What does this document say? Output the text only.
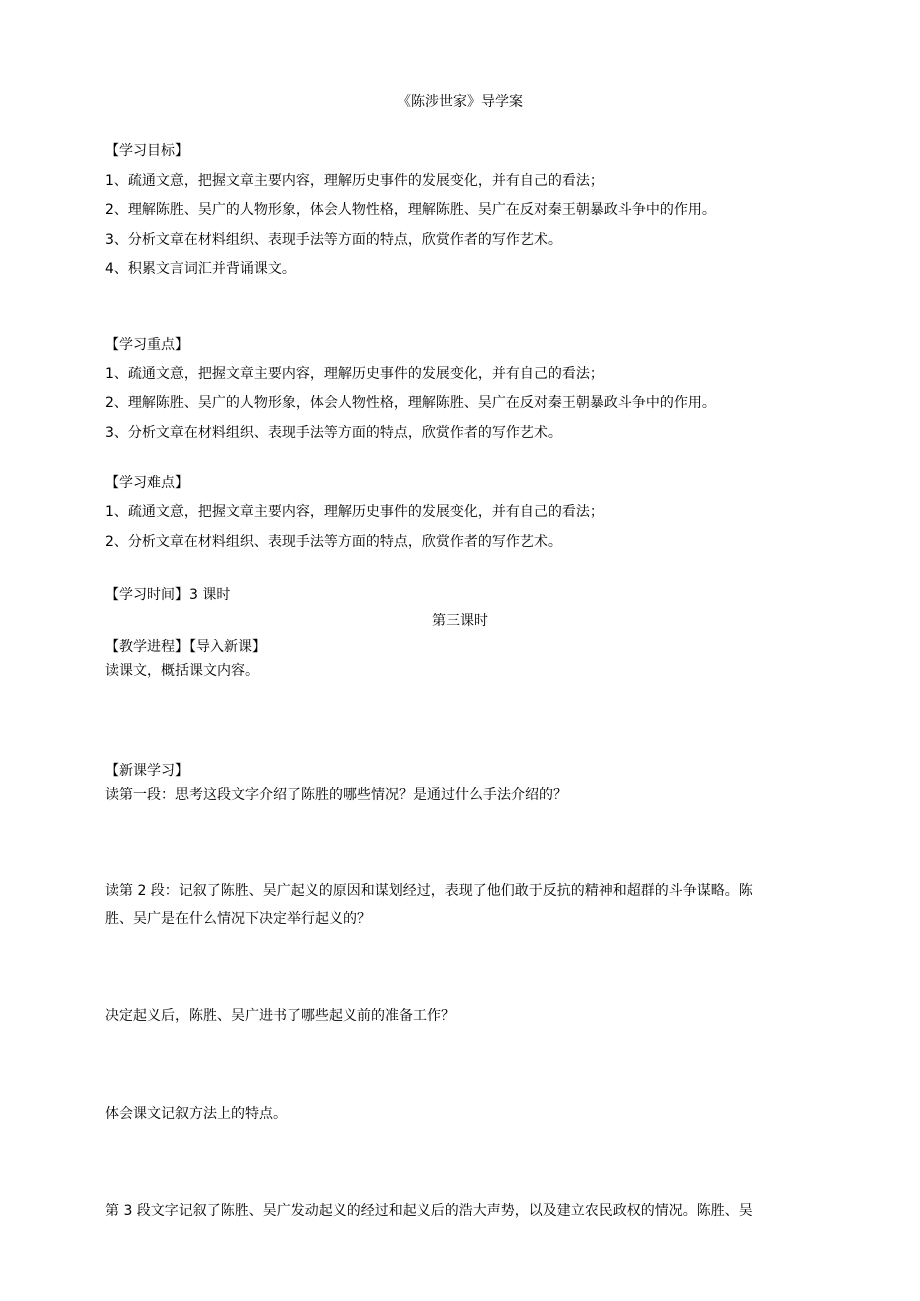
《陈涉世家》导学案
【学习目标】
1、疏通文意，把握文章主要内容，理解历史事件的发展变化，并有自己的看法；
2、理解陈胜、吴广的人物形象，体会人物性格，理解陈胜、吴广在反对秦王朝暴政斗争中的作用。
3、分析文章在材料组织、表现手法等方面的特点，欣赏作者的写作艺术。
4、积累文言词汇并背诵课文。
【学习重点】
1、疏通文意，把握文章主要内容，理解历史事件的发展变化，并有自己的看法；
2、理解陈胜、吴广的人物形象，体会人物性格，理解陈胜、吴广在反对秦王朝暴政斗争中的作用。
3、分析文章在材料组织、表现手法等方面的特点，欣赏作者的写作艺术。
【学习难点】
1、疏通文意，把握文章主要内容，理解历史事件的发展变化，并有自己的看法；
2、分析文章在材料组织、表现手法等方面的特点，欣赏作者的写作艺术。
【学习时间】3 课时
第三课时
【教学进程】【导入新课】
读课文，概括课文内容。
【新课学习】
读第一段：思考这段文字介绍了陈胜的哪些情况？是通过什么手法介绍的？
读第 2 段：记叙了陈胜、吴广起义的原因和谋划经过，表现了他们敢于反抗的精神和超群的斗争谋略。陈
胜、吴广是在什么情况下决定举行起义的？
决定起义后，陈胜、吴广进书了哪些起义前的准备工作？
体会课文记叙方法上的特点。
第 3 段文字记叙了陈胜、吴广发动起义的经过和起义后的浩大声势，以及建立农民政权的情况。陈胜、吴
